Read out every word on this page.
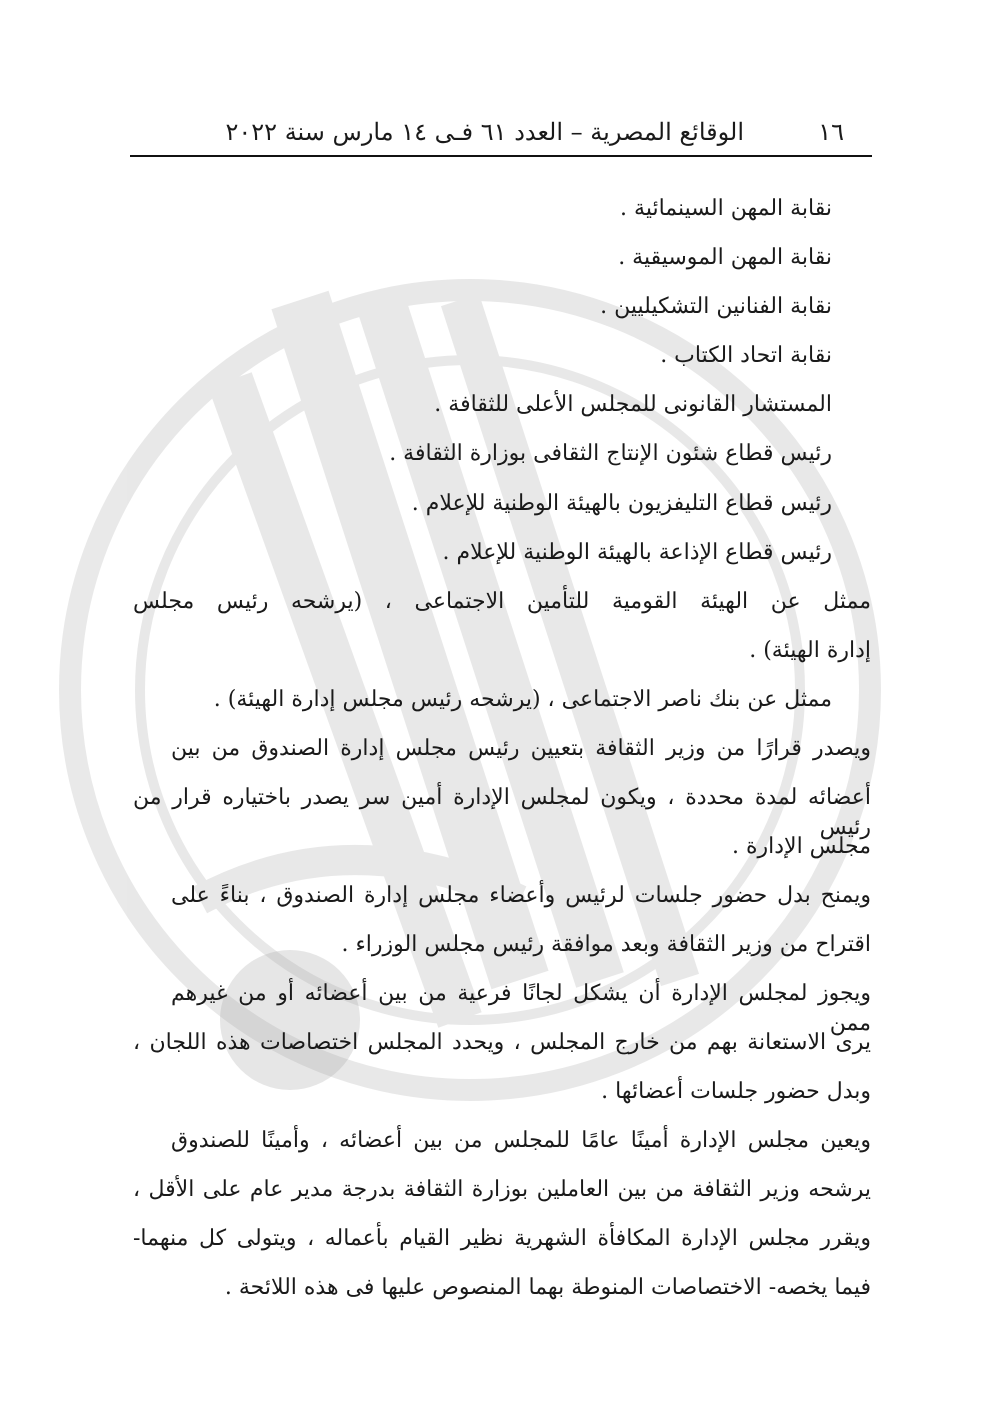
١٦
الوقائع المصرية – العدد ٦١ فـى ١٤ مارس سنة ٢٠٢٢
نقابة المهن السينمائية .
نقابة المهن الموسيقية .
نقابة الفنانين التشكيليين .
نقابة اتحاد الكتاب .
المستشار القانونى للمجلس الأعلى للثقافة .
رئيس قطاع شئون الإنتاج الثقافى بوزارة الثقافة .
رئيس قطاع التليفزيون بالهيئة الوطنية للإعلام .
رئيس قطاع الإذاعة بالهيئة الوطنية للإعلام .
ممثل عن الهيئة القومية للتأمين الاجتماعى ، (يرشحه رئيس مجلس
إدارة الهيئة) .
ممثل عن بنك ناصر الاجتماعى ، (يرشحه رئيس مجلس إدارة الهيئة) .
ويصدر قرارًا من وزير الثقافة بتعيين رئيس مجلس إدارة الصندوق من بين
أعضائه لمدة محددة ، ويكون لمجلس الإدارة أمين سر يصدر باختياره قرار من رئيس
مجلس الإدارة .
ويمنح بدل حضور جلسات لرئيس وأعضاء مجلس إدارة الصندوق ، بناءً على
اقتراح من وزير الثقافة وبعد موافقة رئيس مجلس الوزراء .
ويجوز لمجلس الإدارة أن يشكل لجانًا فرعية من بين أعضائه أو من غيرهم ممن
يرى الاستعانة بهم من خارج المجلس ، ويحدد المجلس اختصاصات هذه اللجان ،
وبدل حضور جلسات أعضائها .
ويعين مجلس الإدارة أمينًا عامًا للمجلس من بين أعضائه ، وأمينًا للصندوق
يرشحه وزير الثقافة من بين العاملين بوزارة الثقافة بدرجة مدير عام على الأقل ،
ويقرر مجلس الإدارة المكافأة الشهرية نظير القيام بأعماله ، ويتولى كل منهما-
فيما يخصه- الاختصاصات المنوطة بهما المنصوص عليها فى هذه اللائحة .
